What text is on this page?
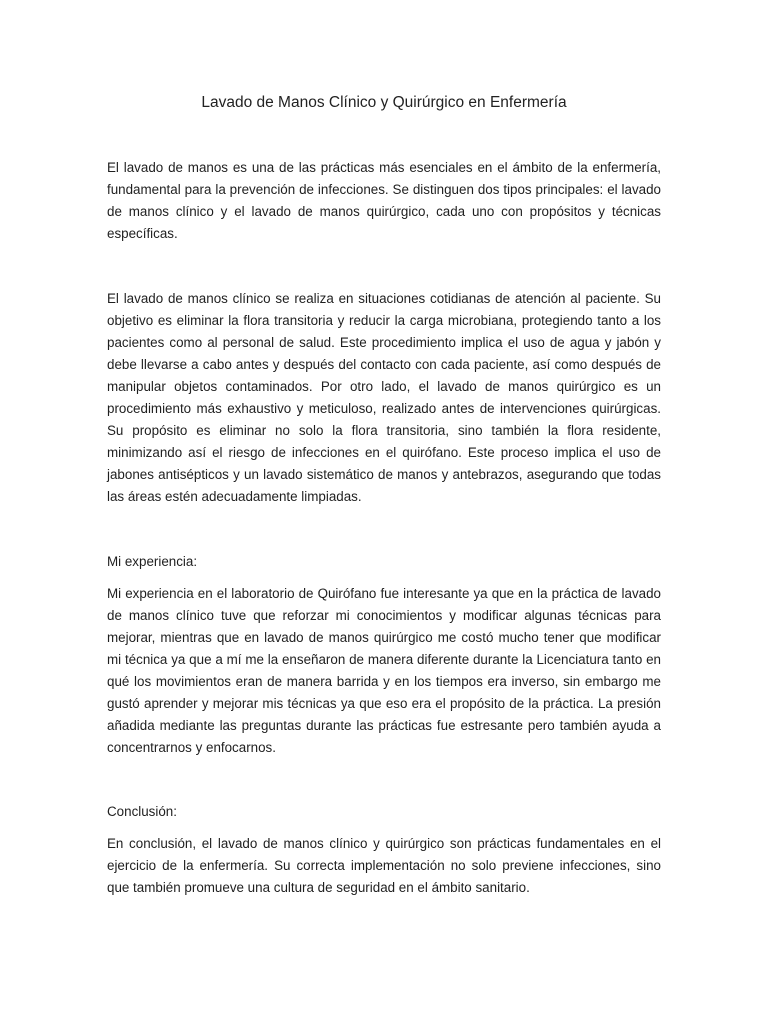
Lavado de Manos Clínico y Quirúrgico en Enfermería

El lavado de manos es una de las prácticas más esenciales en el ámbito de la enfermería, fundamental para la prevención de infecciones. Se distinguen dos tipos principales: el lavado de manos clínico y el lavado de manos quirúrgico, cada uno con propósitos y técnicas específicas.

El lavado de manos clínico se realiza en situaciones cotidianas de atención al paciente. Su objetivo es eliminar la flora transitoria y reducir la carga microbiana, protegiendo tanto a los pacientes como al personal de salud. Este procedimiento implica el uso de agua y jabón y debe llevarse a cabo antes y después del contacto con cada paciente, así como después de manipular objetos contaminados. Por otro lado, el lavado de manos quirúrgico es un procedimiento más exhaustivo y meticuloso, realizado antes de intervenciones quirúrgicas. Su propósito es eliminar no solo la flora transitoria, sino también la flora residente, minimizando así el riesgo de infecciones en el quirófano. Este proceso implica el uso de jabones antisépticos y un lavado sistemático de manos y antebrazos, asegurando que todas las áreas estén adecuadamente limpiadas.

Mi experiencia:

Mi experiencia en el laboratorio de Quirófano fue interesante ya que en la práctica de lavado de manos clínico tuve que reforzar mi conocimientos y modificar algunas técnicas para mejorar, mientras que en lavado de manos quirúrgico me costó mucho tener que modificar mi técnica ya que a mí me la enseñaron de manera diferente durante la Licenciatura tanto en qué los movimientos eran de manera barrida y en los tiempos era inverso, sin embargo me gustó aprender y mejorar mis técnicas ya que eso era el propósito de la práctica. La presión añadida mediante las preguntas durante las prácticas fue estresante pero también ayuda a concentrarnos y enfocarnos.

Conclusión:

En conclusión, el lavado de manos clínico y quirúrgico son prácticas fundamentales en el ejercicio de la enfermería. Su correcta implementación no solo previene infecciones, sino que también promueve una cultura de seguridad en el ámbito sanitario.
